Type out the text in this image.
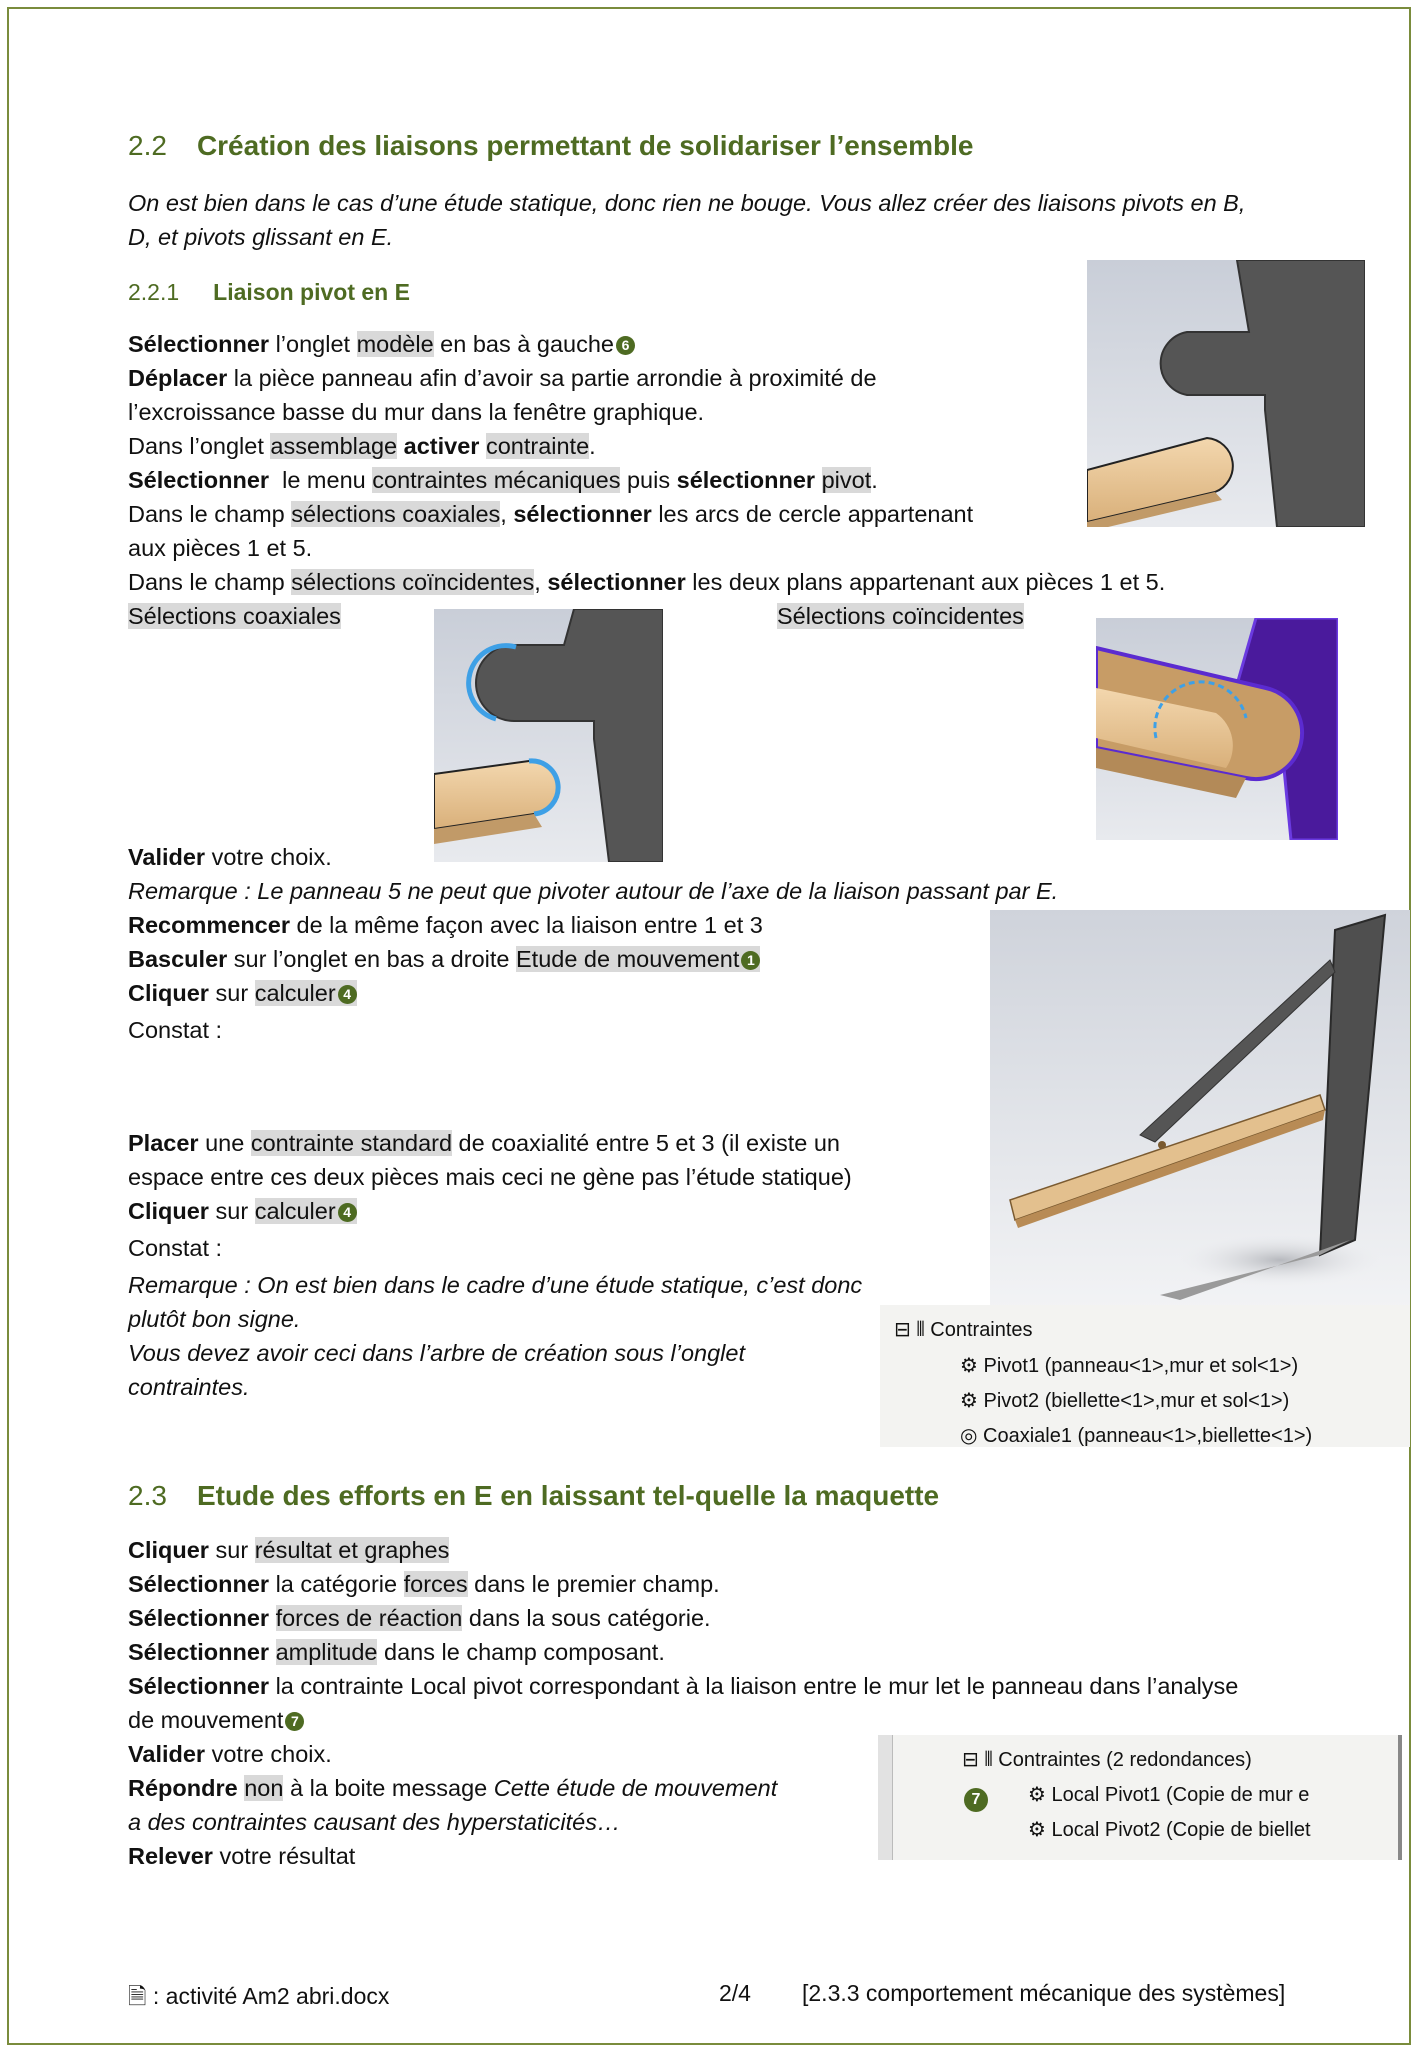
2.2 Création des liaisons permettant de solidariser l’ensemble
On est bien dans le cas d’une étude statique, donc rien ne bouge. Vous allez créer des liaisons pivots en B,
D, et pivots glissant en E.
2.2.1 Liaison pivot en E
Sélectionner l’onglet modèle en bas à gauche 6
Déplacer la pièce panneau afin d’avoir sa partie arrondie à proximité de
l’excroissance basse du mur dans la fenêtre graphique.
Dans l’onglet assemblage activer contrainte.
Sélectionner  le menu contraintes mécaniques puis sélectionner pivot.
Dans le champ sélections coaxiales, sélectionner les arcs de cercle appartenant
aux pièces 1 et 5.
Dans le champ sélections coïncidentes, sélectionner les deux plans appartenant aux pièces 1 et 5.
Sélections coaxiales	Sélections coïncidentes
Valider votre choix.
Remarque : Le panneau 5 ne peut que pivoter autour de l’axe de la liaison passant par E.
Recommencer de la même façon avec la liaison entre 1 et 3
Basculer sur l’onglet en bas a droite Etude de mouvement 1
Cliquer sur calculer 4
Constat :
Placer une contrainte standard de coaxialité entre 5 et 3 (il existe un
espace entre ces deux pièces mais ceci ne gène pas l’étude statique)
Cliquer sur calculer 4
Constat :
Remarque : On est bien dans le cadre d’une étude statique, c’est donc
plutôt bon signe.
Vous devez avoir ceci dans l’arbre de création sous l’onglet
contraintes.
⊟ ⫴ Contraintes
⚙ Pivot1 (panneau<1>,mur et sol<1>)
⚙ Pivot2 (biellette<1>,mur et sol<1>)
◎ Coaxiale1 (panneau<1>,biellette<1>)
2.3 Etude des efforts en E en laissant tel-quelle la maquette
Cliquer sur résultat et graphes
Sélectionner la catégorie forces dans le premier champ.
Sélectionner forces de réaction dans la sous catégorie.
Sélectionner amplitude dans le champ composant.
Sélectionner la contrainte Local pivot correspondant à la liaison entre le mur let le panneau dans l’analyse
de mouvement 7
Valider votre choix.
Répondre non à la boite message Cette étude de mouvement
a des contraintes causant des hyperstaticités…
Relever votre résultat
⊟ ⫴ Contraintes (2 redondances)
7	⚙ Local Pivot1 (Copie de mur e
⚙ Local Pivot2 (Copie de biellet
🗎 : activité Am2 abri.docx	2/4 [2.3.3 comportement mécanique des systèmes]
